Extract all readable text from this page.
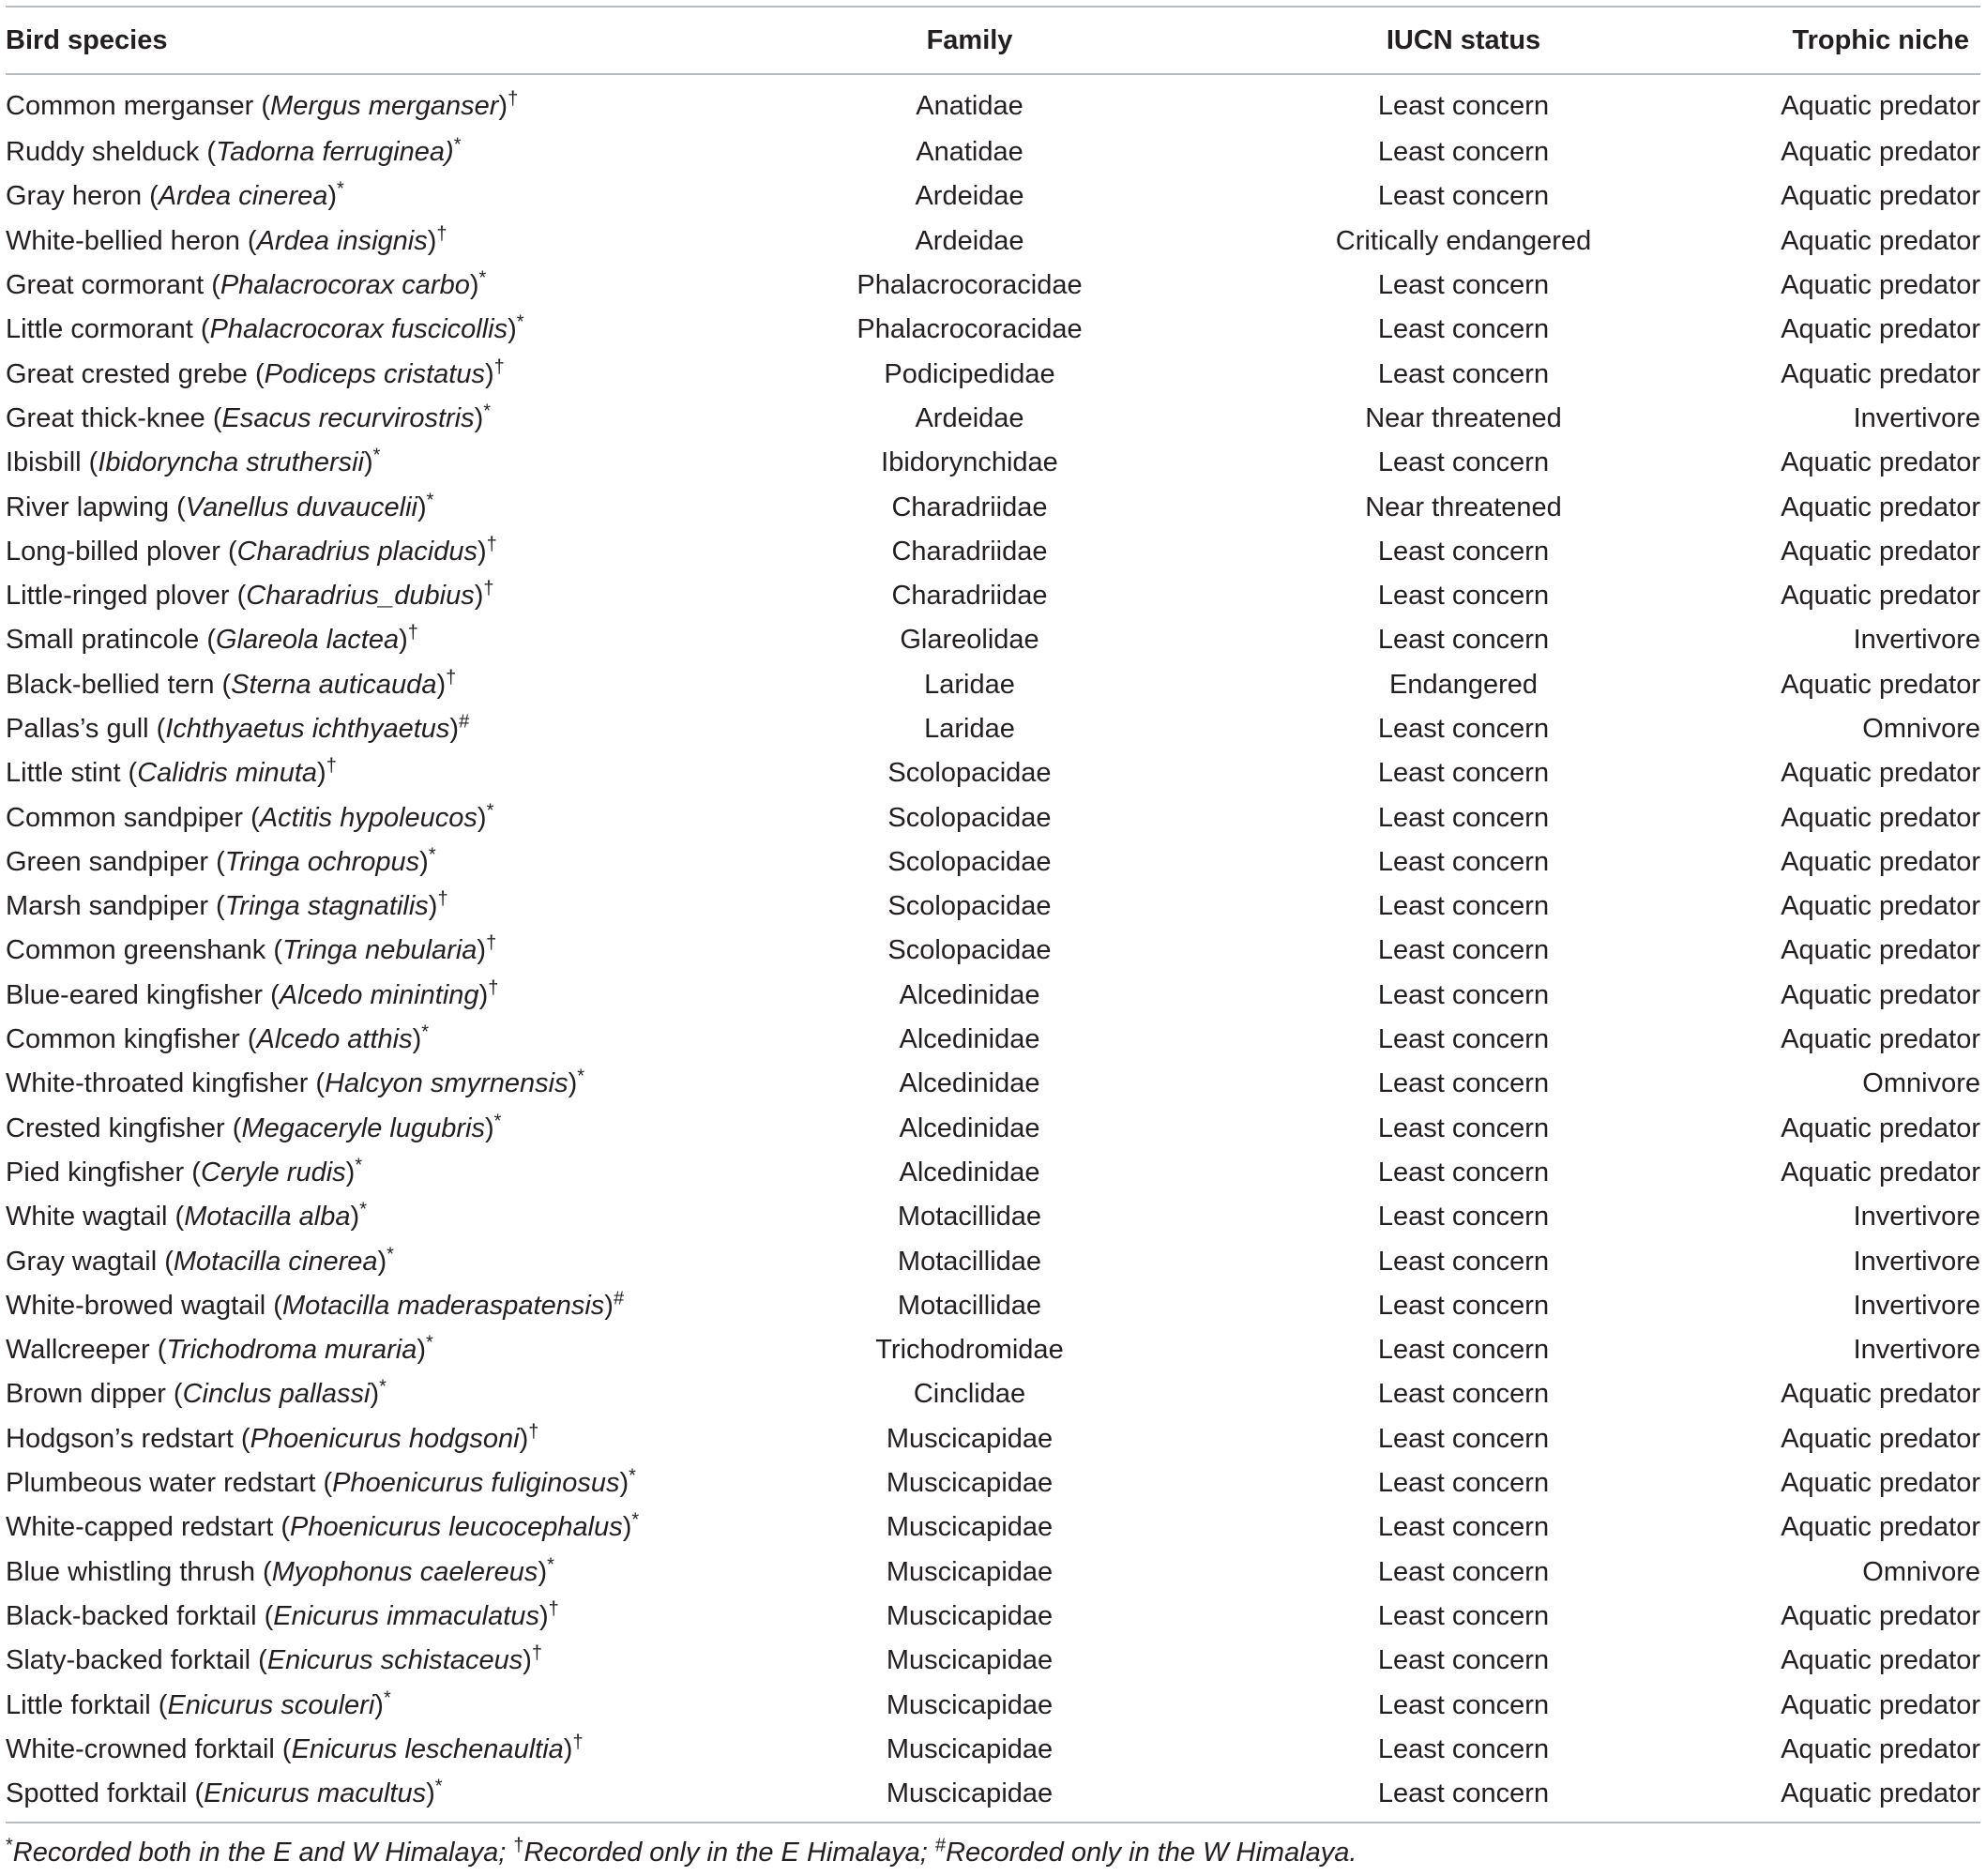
Bird species	Family	IUCN status	Trophic niche
Common merganser (Mergus merganser)†	Anatidae	Least concern	Aquatic predator
Ruddy shelduck (Tadorna ferruginea)*	Anatidae	Least concern	Aquatic predator
Gray heron (Ardea cinerea)*	Ardeidae	Least concern	Aquatic predator
White-bellied heron (Ardea insignis)†	Ardeidae	Critically endangered	Aquatic predator
Great cormorant (Phalacrocorax carbo)*	Phalacrocoracidae	Least concern	Aquatic predator
Little cormorant (Phalacrocorax fuscicollis)*	Phalacrocoracidae	Least concern	Aquatic predator
Great crested grebe (Podiceps cristatus)†	Podicipedidae	Least concern	Aquatic predator
Great thick-knee (Esacus recurvirostris)*	Ardeidae	Near threatened	Invertivore
Ibisbill (Ibidoryncha struthersii)*	Ibidorynchidae	Least concern	Aquatic predator
River lapwing (Vanellus duvaucelii)*	Charadriidae	Near threatened	Aquatic predator
Long-billed plover (Charadrius placidus)†	Charadriidae	Least concern	Aquatic predator
Little-ringed plover (Charadrius_dubius)†	Charadriidae	Least concern	Aquatic predator
Small pratincole (Glareola lactea)†	Glareolidae	Least concern	Invertivore
Black-bellied tern (Sterna auticauda)†	Laridae	Endangered	Aquatic predator
Pallas’s gull (Ichthyaetus ichthyaetus)#	Laridae	Least concern	Omnivore
Little stint (Calidris minuta)†	Scolopacidae	Least concern	Aquatic predator
Common sandpiper (Actitis hypoleucos)*	Scolopacidae	Least concern	Aquatic predator
Green sandpiper (Tringa ochropus)*	Scolopacidae	Least concern	Aquatic predator
Marsh sandpiper (Tringa stagnatilis)†	Scolopacidae	Least concern	Aquatic predator
Common greenshank (Tringa nebularia)†	Scolopacidae	Least concern	Aquatic predator
Blue-eared kingfisher (Alcedo mininting)†	Alcedinidae	Least concern	Aquatic predator
Common kingfisher (Alcedo atthis)*	Alcedinidae	Least concern	Aquatic predator
White-throated kingfisher (Halcyon smyrnensis)*	Alcedinidae	Least concern	Omnivore
Crested kingfisher (Megaceryle lugubris)*	Alcedinidae	Least concern	Aquatic predator
Pied kingfisher (Ceryle rudis)*	Alcedinidae	Least concern	Aquatic predator
White wagtail (Motacilla alba)*	Motacillidae	Least concern	Invertivore
Gray wagtail (Motacilla cinerea)*	Motacillidae	Least concern	Invertivore
White-browed wagtail (Motacilla maderaspatensis)#	Motacillidae	Least concern	Invertivore
Wallcreeper (Trichodroma muraria)*	Trichodromidae	Least concern	Invertivore
Brown dipper (Cinclus pallassi)*	Cinclidae	Least concern	Aquatic predator
Hodgson’s redstart (Phoenicurus hodgsoni)†	Muscicapidae	Least concern	Aquatic predator
Plumbeous water redstart (Phoenicurus fuliginosus)*	Muscicapidae	Least concern	Aquatic predator
White-capped redstart (Phoenicurus leucocephalus)*	Muscicapidae	Least concern	Aquatic predator
Blue whistling thrush (Myophonus caelereus)*	Muscicapidae	Least concern	Omnivore
Black-backed forktail (Enicurus immaculatus)†	Muscicapidae	Least concern	Aquatic predator
Slaty-backed forktail (Enicurus schistaceus)†	Muscicapidae	Least concern	Aquatic predator
Little forktail (Enicurus scouleri)*	Muscicapidae	Least concern	Aquatic predator
White-crowned forktail (Enicurus leschenaultia)†	Muscicapidae	Least concern	Aquatic predator
Spotted forktail (Enicurus macultus)*	Muscicapidae	Least concern	Aquatic predator
*Recorded both in the E and W Himalaya; †Recorded only in the E Himalaya; #Recorded only in the W Himalaya.
